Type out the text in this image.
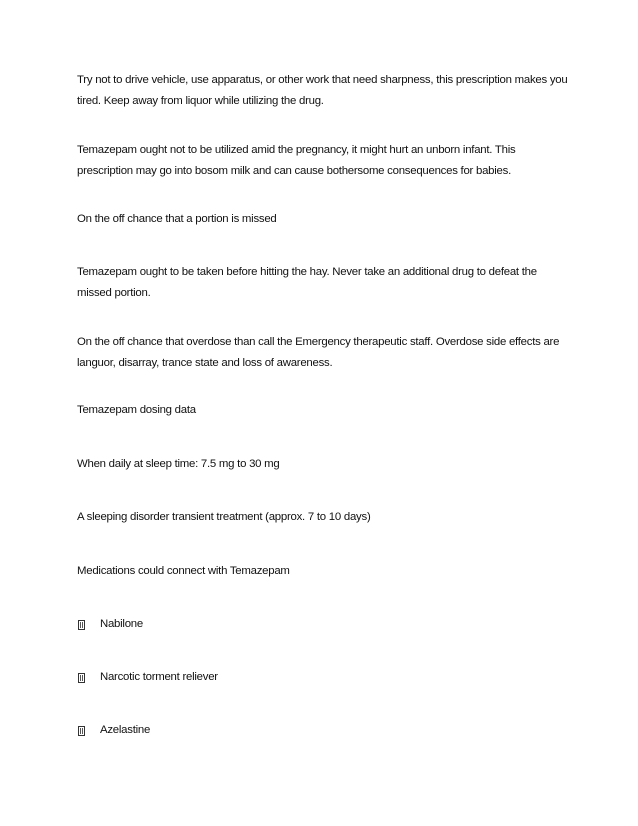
Try not to drive vehicle, use apparatus, or other work that need sharpness, this prescription makes you tired. Keep away from liquor while utilizing the drug.

Temazepam ought not to be utilized amid the pregnancy, it might hurt an unborn infant. This prescription may go into bosom milk and can cause bothersome consequences for babies.

On the off chance that a portion is missed

Temazepam ought to be taken before hitting the hay. Never take an additional drug to defeat the missed portion.

On the off chance that overdose than call the Emergency therapeutic staff. Overdose side effects are languor, disarray, trance state and loss of awareness.

Temazepam dosing data

When daily at sleep time: 7.5 mg to 30 mg

A sleeping disorder transient treatment (approx. 7 to 10 days)

Medications could connect with Temazepam

Nabilone
Narcotic torment reliever
Azelastine
